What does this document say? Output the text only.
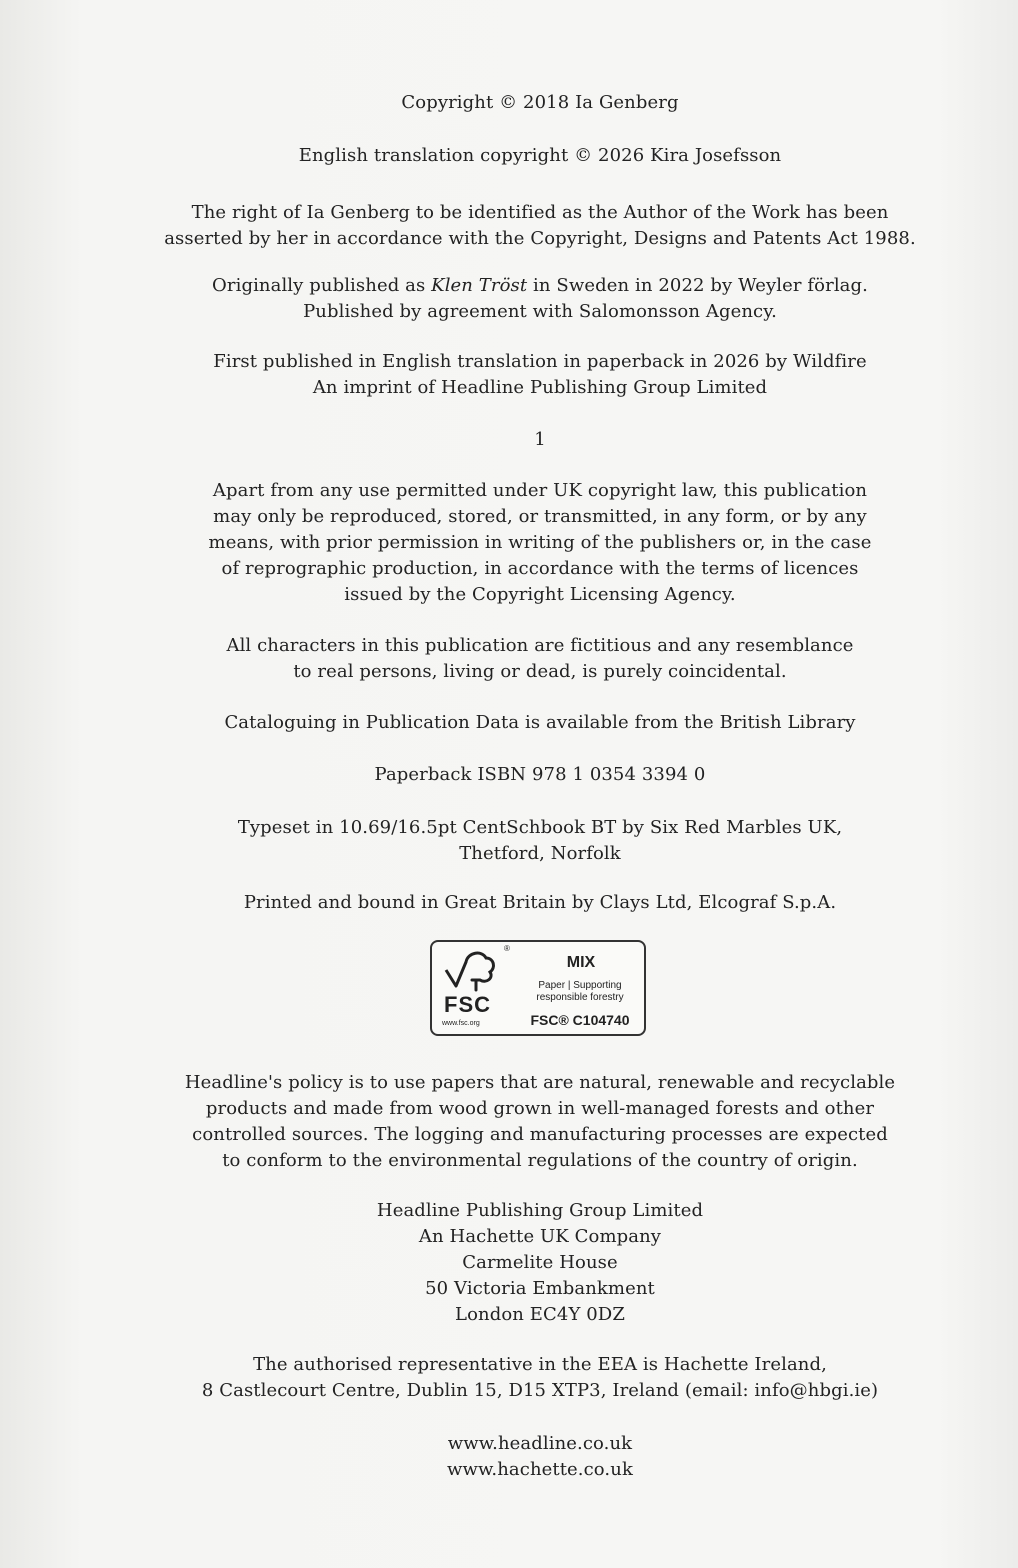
Copyright © 2018 Ia Genberg
English translation copyright © 2026 Kira Josefsson
The right of Ia Genberg to be identified as the Author of the Work has been
asserted by her in accordance with the Copyright, Designs and Patents Act 1988.
Originally published as Klen Tröst in Sweden in 2022 by Weyler förlag.
Published by agreement with Salomonsson Agency.

First published in English translation in paperback in 2026 by Wildfire
An imprint of Headline Publishing Group Limited
1
Apart from any use permitted under UK copyright law, this publication
may only be reproduced, stored, or transmitted, in any form, or by any
means, with prior permission in writing of the publishers or, in the case
of reprographic production, in accordance with the terms of licences
issued by the Copyright Licensing Agency.
All characters in this publication are fictitious and any resemblance
to real persons, living or dead, is purely coincidental.
Cataloguing in Publication Data is available from the British Library
Paperback ISBN 978 1 0354 3394 0
Typeset in 10.69/16.5pt CentSchbook BT by Six Red Marbles UK,
Thetford, Norfolk
Printed and bound in Great Britain by Clays Ltd, Elcograf S.p.A.
®
FSC
www.fsc.org
MIX
Paper | Supporting
responsible forestry
FSC® C104740
Headline's policy is to use papers that are natural, renewable and recyclable
products and made from wood grown in well-managed forests and other
controlled sources. The logging and manufacturing processes are expected
to conform to the environmental regulations of the country of origin.
Headline Publishing Group Limited
An Hachette UK Company
Carmelite House
50 Victoria Embankment
London EC4Y 0DZ
The authorised representative in the EEA is Hachette Ireland,
8 Castlecourt Centre, Dublin 15, D15 XTP3, Ireland (email: info@hbgi.ie)
www.headline.co.uk
www.hachette.co.uk
